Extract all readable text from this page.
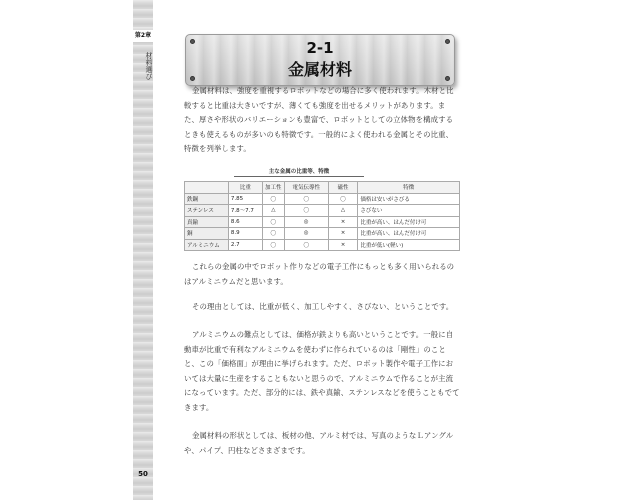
第2章
材料選び
50
2-1
金属材料

金属材料は、強度を重視するロボットなどの場合に多く使われます。木材と比較すると比重は大きいですが、薄くても強度を出せるメリットがあります。また、厚さや形状のバリエーションも豊富で、ロボットとしての立体物を構成するときも使えるものが多いのも特徴です。一般的によく使われる金属とその比重、特徴を列挙します。

主な金属の比重等、特徴
	比重	加工性	電気伝導性	磁性	特徴
鉄鋼	7.85	〇	〇	〇	価格は安いがさびる
ステンレス	7.8〜7.7	△	〇	△	さびない
真鍮	8.6	〇	◎	×	比重が高い、はんだ付け可
銅	8.9	〇	◎	×	比重が高い、はんだ付け可
アルミニウム	2.7	〇	〇	×	比重が低い(軽い)

これらの金属の中でロボット作りなどの電子工作にもっとも多く用いられるのはアルミニウムだと思います。

その理由としては、比重が低く、加工しやすく、さびない、ということです。

アルミニウムの難点としては、価格が鉄よりも高いということです。一般に自動車が比重で有利なアルミニウムを使わずに作られているのは「剛性」のことと、この「価格面」が理由に挙げられます。ただ、ロボット製作や電子工作においては大量に生産をすることもないと思うので、アルミニウムで作ることが主流になっています。ただ、部分的には、鉄や真鍮、ステンレスなどを使うこともでてきます。

金属材料の形状としては、板材の他、アルミ材では、写真のようなＬアングルや、パイプ、円柱などさまざまです。
